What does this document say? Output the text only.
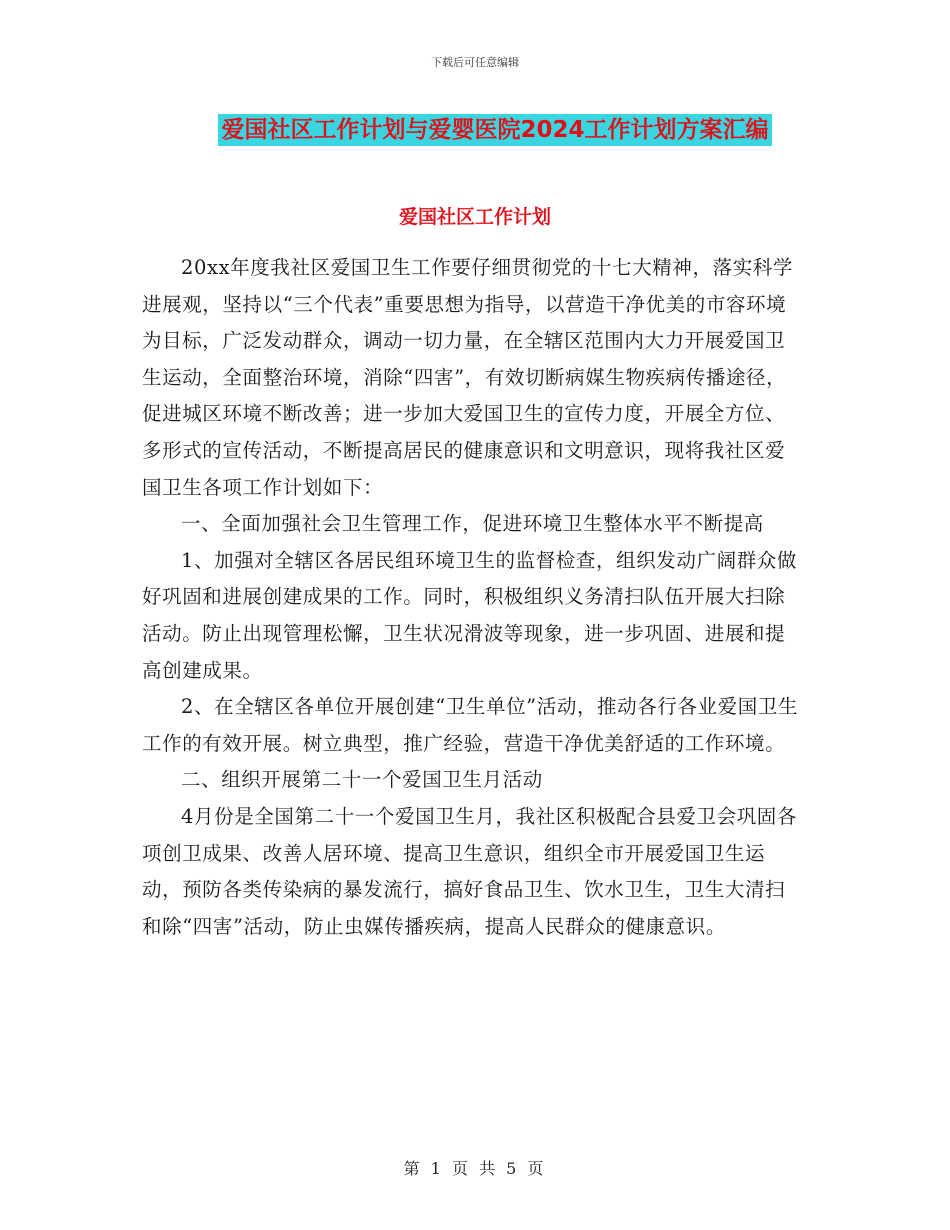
下载后可任意编辑
爱国社区工作计划与爱婴医院2024工作计划方案汇编
爱国社区工作计划

20xx年度我社区爱国卫生工作要仔细贯彻党的十七大精神，落实科学进展观，坚持以“三个代表”重要思想为指导，以营造干净优美的市容环境为目标，广泛发动群众，调动一切力量，在全辖区范围内大力开展爱国卫生运动，全面整治环境，消除“四害”，有效切断病媒生物疾病传播途径，促进城区环境不断改善；进一步加大爱国卫生的宣传力度，开展全方位、多形式的宣传活动，不断提高居民的健康意识和文明意识，现将我社区爱国卫生各项工作计划如下：

一、全面加强社会卫生管理工作，促进环境卫生整体水平不断提高

1、加强对全辖区各居民组环境卫生的监督检查，组织发动广阔群众做好巩固和进展创建成果的工作。同时，积极组织义务清扫队伍开展大扫除活动。防止出现管理松懈，卫生状况滑波等现象，进一步巩固、进展和提高创建成果。

2、在全辖区各单位开展创建“卫生单位”活动，推动各行各业爱国卫生工作的有效开展。树立典型，推广经验，营造干净优美舒适的工作环境。

二、组织开展第二十一个爱国卫生月活动

4月份是全国第二十一个爱国卫生月，我社区积极配合县爱卫会巩固各项创卫成果、改善人居环境、提高卫生意识，组织全市开展爱国卫生运动，预防各类传染病的暴发流行，搞好食品卫生、饮水卫生，卫生大清扫和除“四害”活动，防止虫媒传播疾病，提高人民群众的健康意识。

第 1 页 共 5 页
